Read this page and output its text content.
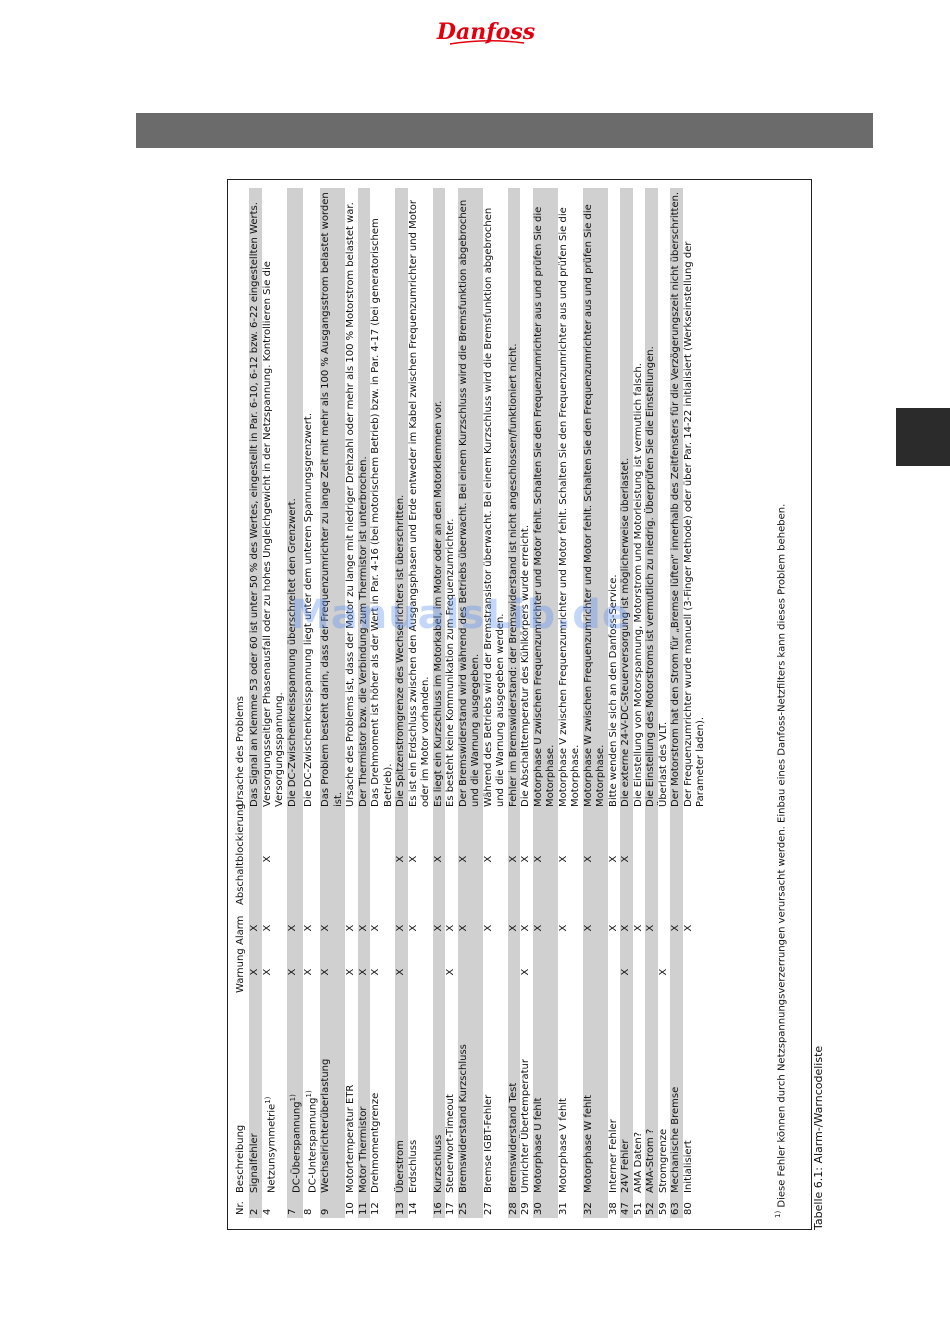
Danfoss
Nr.	Beschreibung	Warnung	Alarm	Abschaltblockierung	Ursache des Problems
2	Signalfehler	X	X		Das Signal an Klemme 53 oder 60 ist unter 50 % des Wertes, eingestellt in Par. 6-10, 6-12 bzw. 6-22 eingestellten Werts.
4	Netzunsymmetrie$^{1)}$	X	X	X	Versorgungsseitiger Phasenausfall oder zu hohes Ungleichgewicht in der Netzspannung. Kontrollieren Sie die Versorgungsspannung.
7	DC-Überspannung$^{1)}$	X	X		Die DC-Zwischenkreisspannung überschreitet den Grenzwert.
8	DC-Unterspannung$^{1)}$	X	X		Die DC-Zwischenkreisspannung liegt unter dem unteren Spannungsgrenzwert.
9	Wechselrichterüberlastung	X	X		Das Problem besteht darin, dass der Frequenzumrichter zu lange Zeit mit mehr als 100 % Ausgangsstrom belastet worden ist.
10	Motortemperatur ETR	X	X		Ursache des Problems ist, dass der Motor zu lange mit niedriger Drehzahl oder mehr als 100 % Motorstrom belastet war.
11	Motor Thermistor	X	X		Der Thermistor bzw. die Verbindung zum Thermistor ist unterbrochen.
12	Drehmomentgrenze	X	X		Das Drehmoment ist höher als der Wert in Par. 4-16 (bei motorischem Betrieb) bzw. in Par. 4-17 (bei generatorischem Betrieb).
13	Überstrom	X	X	X	Die Spitzenstromgrenze des Wechselrichters ist überschritten.
14	Erdschluss		X	X	Es ist ein Erdschluss zwischen den Ausgangsphasen und Erde entweder im Kabel zwischen Frequenzumrichter und Motor oder im Motor vorhanden.
16	Kurzschluss		X	X	Es liegt ein Kurzschluss im Motorkabel, im Motor oder an den Motorklemmen vor.
17	Steuerwort-Timeout	X	X		Es besteht keine Kommunikation zum Frequenzumrichter.
25	Bremswiderstand Kurzschluss		X	X	Der Bremswiderstand wird während des Betriebs überwacht. Bei einem Kurzschluss wird die Bremsfunktion abgebrochen und die Warnung ausgegeben.
27	Bremse IGBT-Fehler		X	X	Während des Betriebs wird der Bremstransistor überwacht. Bei einem Kurzschluss wird die Bremsfunktion abgebrochen und die Warnung ausgegeben werden.
28	Bremswiderstand Test		X	X	Fehler im Bremswiderstand: der Bremswiderstand ist nicht angeschlossen/funktioniert nicht.
29	Umrichter Übertemperatur	X	X	X	Die Abschalttemperatur des Kühlkörpers wurde erreicht.
30	Motorphase U fehlt		X	X	Motorphase U zwischen Frequenzumrichter und Motor fehlt. Schalten Sie den Frequenzumrichter aus und prüfen Sie die Motorphase.
31	Motorphase V fehlt		X	X	Motorphase V zwischen Frequenzumrichter und Motor fehlt. Schalten Sie den Frequenzumrichter aus und prüfen Sie die Motorphase.
32	Motorphase W fehlt		X	X	Motorphase W zwischen Frequenzumrichter und Motor fehlt. Schalten Sie den Frequenzumrichter aus und prüfen Sie die Motorphase.
38	Interner Fehler		X	X	Bitte wenden Sie sich an den Danfoss-Service.
47	24V Fehler	X	X	X	Die externe 24-V-DC-Steuerversorgung ist möglicherweise überlastet.
51	AMA Daten?		X		Die Einstellung von Motorspannung, Motorstrom und Motorleistung ist vermutlich falsch.
52	AMA-Strom ?		X		Die Einstellung des Motorstroms ist vermutlich zu niedrig. Überprüfen Sie die Einstellungen.
59	Stromgrenze	X			Überlast des VLT.
63	Mechanische Bremse		X		Der Motorstrom hat den Strom für „Bremse lüften“ innerhalb des Zeitfensters für die Verzögerungszeit nicht überschritten.
80	Initialisiert		X		Der Frequenzumrichter wurde manuell (3-Finger Methode) oder über Par. 14-22 initialisiert (Werkseinstellung der Parameter laden).
$^{1)}$ Diese Fehler können durch Netzspannungsverzerrungen verursacht werden. Einbau eines Danfoss-Netzfilters kann dieses Problem beheben. Tabelle 6.1: Alarm-/Warncodeliste
ManualsLib.de
